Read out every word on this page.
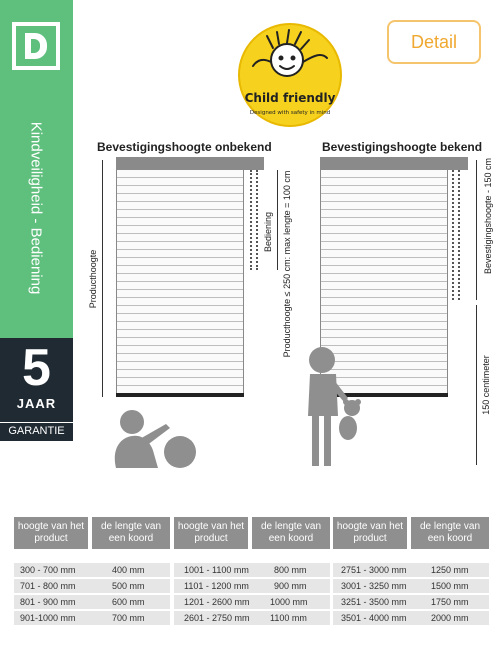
Kindveiligheid - Bediening
5
JAAR
GARANTIE
Child friendly
Designed with safety in mind
Detail
Bevestigingshoogte onbekend
Producthoogte
Bediening Producthoogte ≤ 250 cm: max lengte = 100 cm
Bevestigingshoogte bekend
Bevestigingshoogte - 150 cm
150 centimeter
hoogte van het product
de lengte van een koord
300 - 700 mm	400 mm
701 - 800 mm	500 mm
801 - 900 mm	600 mm
901-1000 mm	700 mm
hoogte van het product
de lengte van een koord
1001 - 1100 mm	800 mm
1101 - 1200 mm	900 mm
1201 - 2600 mm 1000 mm
2601 - 2750 mm 1100 mm
hoogte van het product
de lengte van een koord
2751 - 3000 mm	1250 mm
3001 - 3250 mm	1500 mm
3251 - 3500 mm	1750 mm
3501 - 4000 mm	2000 mm
